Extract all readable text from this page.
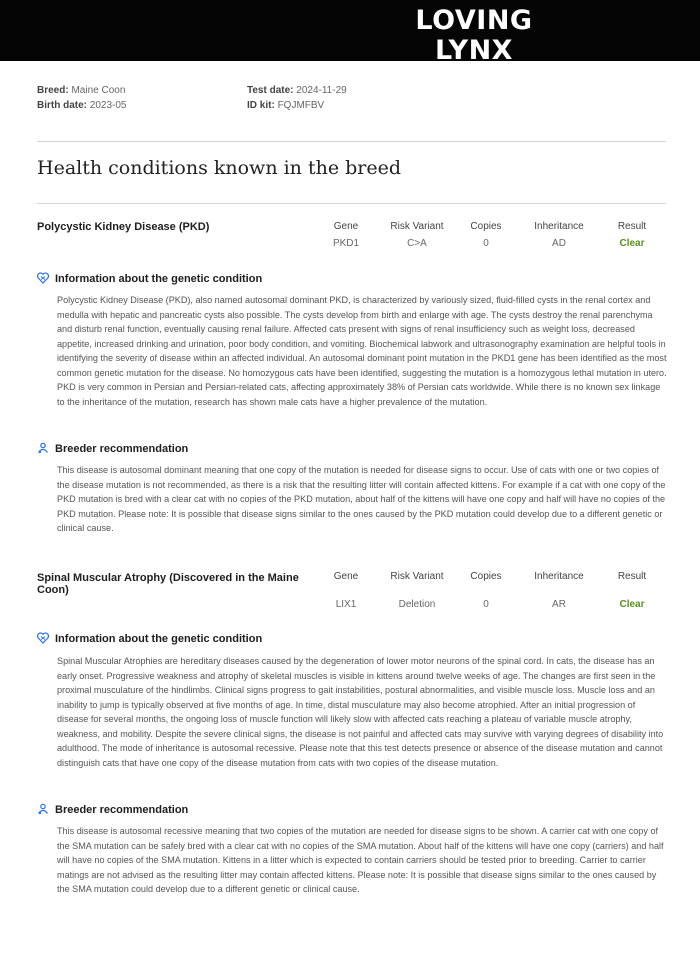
LOVING LYNX
Maine Coons
Breed: Maine Coon
Birth date: 2023-05
Test date: 2024-11-29
ID kit: FQJMFBV
Health conditions known in the breed
Polycystic Kidney Disease (PKD)	Gene	Risk Variant	Copies	Inheritance	Result
PKD1	C>A	0	AD	Clear
Information about the genetic condition

Polycystic Kidney Disease (PKD), also named autosomal dominant PKD, is characterized by variously sized, fluid-filled cysts in the renal cortex and medulla with hepatic and pancreatic cysts also possible. The cysts develop from birth and enlarge with age. The cysts destroy the renal parenchyma and disturb renal function, eventually causing renal failure. Affected cats present with signs of renal insufficiency such as weight loss, decreased appetite, increased drinking and urination, poor body condition, and vomiting. Biochemical labwork and ultrasonography examination are helpful tools in identifying the severity of disease within an affected individual. An autosomal dominant point mutation in the PKD1 gene has been identified as the most common genetic mutation for the disease. No homozygous cats have been identified, suggesting the mutation is a homozygous lethal mutation in utero. PKD is very common in Persian and Persian-related cats, affecting approximately 38% of Persian cats worldwide. While there is no known sex linkage to the inheritance of the mutation, research has shown male cats have a higher prevalence of the mutation.

Breeder recommendation

This disease is autosomal dominant meaning that one copy of the mutation is needed for disease signs to occur. Use of cats with one or two copies of the disease mutation is not recommended, as there is a risk that the resulting litter will contain affected kittens. For example if a cat with one copy of the PKD mutation is bred with a clear cat with no copies of the PKD mutation, about half of the kittens will have one copy and half will have no copies of the PKD mutation. Please note: It is possible that disease signs similar to the ones caused by the PKD mutation could develop due to a different genetic or clinical cause.

Spinal Muscular Atrophy (Discovered in the Maine Coon)
Gene	Risk Variant	Copies	Inheritance	Result
LIX1	Deletion	0	AR	Clear
Information about the genetic condition

Spinal Muscular Atrophies are hereditary diseases caused by the degeneration of lower motor neurons of the spinal cord. In cats, the disease has an early onset. Progressive weakness and atrophy of skeletal muscles is visible in kittens around twelve weeks of age. The changes are first seen in the proximal musculature of the hindlimbs. Clinical signs progress to gait instabilities, postural abnormalities, and visible muscle loss. Muscle loss and an inability to jump is typically observed at five months of age. In time, distal musculature may also become atrophied. After an initial progression of disease for several months, the ongoing loss of muscle function will likely slow with affected cats reaching a plateau of variable muscle atrophy, weakness, and mobility. Despite the severe clinical signs, the disease is not painful and affected cats may survive with varying degrees of disability into adulthood. The mode of inheritance is autosomal recessive. Please note that this test detects presence or absence of the disease mutation and cannot distinguish cats that have one copy of the disease mutation from cats with two copies of the disease mutation.

Breeder recommendation

This disease is autosomal recessive meaning that two copies of the mutation are needed for disease signs to be shown. A carrier cat with one copy of the SMA mutation can be safely bred with a clear cat with no copies of the SMA mutation. About half of the kittens will have one copy (carriers) and half will have no copies of the SMA mutation. Kittens in a litter which is expected to contain carriers should be tested prior to breeding. Carrier to carrier matings are not advised as the resulting litter may contain affected kittens. Please note: It is possible that disease signs similar to the ones caused by the SMA mutation could develop due to a different genetic or clinical cause.
